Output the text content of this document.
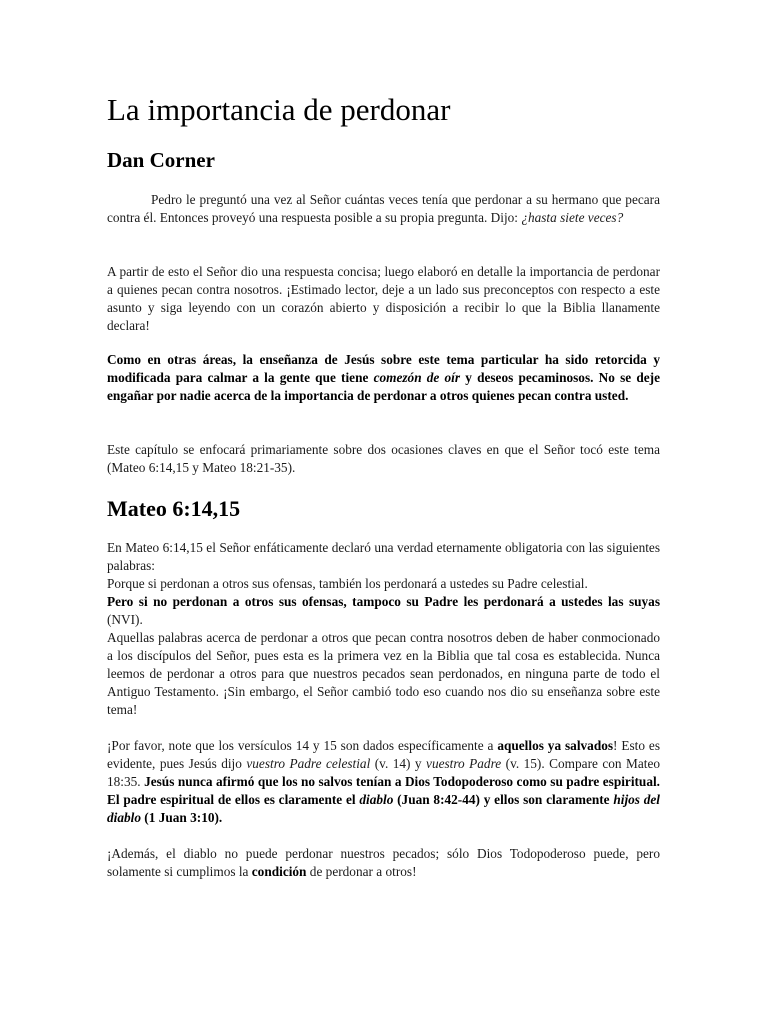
La importancia de perdonar
Dan Corner

Pedro le preguntó una vez al Señor cuántas veces tenía que perdonar a su hermano que pecara contra él. Entonces proveyó una respuesta posible a su propia pregunta. Dijo: ¿hasta siete veces?

A partir de esto el Señor dio una respuesta concisa; luego elaboró en detalle la importancia de perdonar a quienes pecan contra nosotros. ¡Estimado lector, deje a un lado sus preconceptos con respecto a este asunto y siga leyendo con un corazón abierto y disposición a recibir lo que la Biblia llanamente declara!

Como en otras áreas, la enseñanza de Jesús sobre este tema particular ha sido retorcida y modificada para calmar a la gente que tiene comezón de oír y deseos pecaminosos. No se deje engañar por nadie acerca de la importancia de perdonar a otros quienes pecan contra usted.

Este capítulo se enfocará primariamente sobre dos ocasiones claves en que el Señor tocó este tema (Mateo 6:14,15 y Mateo 18:21-35).

Mateo 6:14,15
En Mateo 6:14,15 el Señor enfáticamente declaró una verdad eternamente obligatoria con las siguientes palabras:
Porque si perdonan a otros sus ofensas, también los perdonará a ustedes su Padre celestial.
Pero si no perdonan a otros sus ofensas, tampoco su Padre les perdonará a ustedes las suyas (NVI).
Aquellas palabras acerca de perdonar a otros que pecan contra nosotros deben de haber conmocionado a los discípulos del Señor, pues esta es la primera vez en la Biblia que tal cosa es establecida. Nunca leemos de perdonar a otros para que nuestros pecados sean perdonados, en ninguna parte de todo el Antiguo Testamento. ¡Sin embargo, el Señor cambió todo eso cuando nos dio su enseñanza sobre este tema!

¡Por favor, note que los versículos 14 y 15 son dados específicamente a aquellos ya salvados! Esto es evidente, pues Jesús dijo vuestro Padre celestial (v. 14) y vuestro Padre (v. 15). Compare con Mateo 18:35. Jesús nunca afirmó que los no salvos tenían a Dios Todopoderoso como su padre espiritual. El padre espiritual de ellos es claramente el diablo (Juan 8:42-44) y ellos son claramente hijos del diablo (1 Juan 3:10).

¡Además, el diablo no puede perdonar nuestros pecados; sólo Dios Todopoderoso puede, pero solamente si cumplimos la condición de perdonar a otros!
